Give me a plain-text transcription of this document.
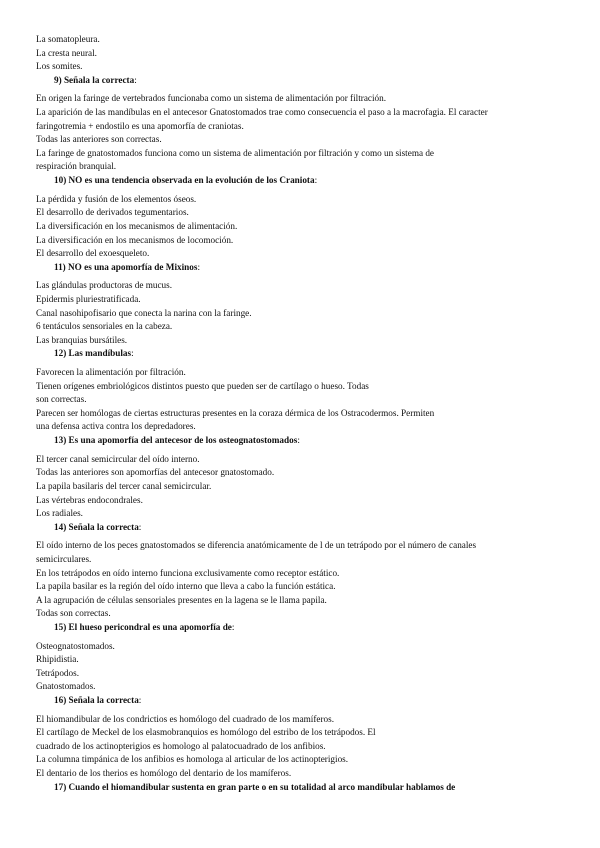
La somatopleura.
La cresta neural.
Los somites.
9) Señala la correcta:
En origen la faringe de vertebrados funcionaba como un sistema de alimentación por filtración.
La aparición de las mandíbulas en el antecesor Gnatostomados trae como consecuencia el paso a la macrofagia. El caracter
faringotremia + endostilo es una apomorfía de craniotas.
Todas las anteriores son correctas.
La faringe de gnatostomados funciona como un sistema de alimentación por filtración y como un sistema de
respiración branquial.
10) NO es una tendencia observada en la evolución de los Craniota:
La pérdida y fusión de los elementos óseos.
El desarrollo de derivados tegumentarios.
La diversificación en los mecanismos de alimentación.
La diversificación en los mecanismos de locomoción.
El desarrollo del exoesqueleto.
11) NO es una apomorfía de Mixinos:
Las glándulas productoras de mucus.
Epidermis pluriestratificada.
Canal nasohipofisario que conecta la narina con la faringe.
6 tentáculos sensoriales en la cabeza.
Las branquias bursátiles.
12) Las mandíbulas:
Favorecen la alimentación por filtración.
Tienen orígenes embriológicos distintos puesto que pueden ser de cartílago o hueso. Todas
son correctas.
Parecen ser homólogas de ciertas estructuras presentes en la coraza dérmica de los Ostracodermos. Permiten
una defensa activa contra los depredadores.
13) Es una apomorfía del antecesor de los osteognatostomados:
El tercer canal semicircular del oído interno.
Todas las anteriores son apomorfías del antecesor gnatostomado.
La papila basilaris del tercer canal semicircular.
Las vértebras endocondrales.
Los radiales.
14) Señala la correcta:
El oído interno de los peces gnatostomados se diferencia anatómicamente de l de un tetrápodo por el número de canales
semicirculares.
En los tetrápodos en oído interno funciona exclusivamente como receptor estático.
La papila basilar es la región del oído interno que lleva a cabo la función estática.
A la agrupación de células sensoriales presentes en la lagena se le llama papila.
Todas son correctas.
15) El hueso pericondral es una apomorfía de:
Osteognatostomados.
Rhipidistia.
Tetrápodos.
Gnatostomados.
16) Señala la correcta:
El hiomandibular de los condrictios es homólogo del cuadrado de los mamíferos.
El cartílago de Meckel de los elasmobranquios es homólogo del estribo de los tetrápodos. El
cuadrado de los actinopterigios es homologo al palatocuadrado de los anfibios.
La columna timpánica de los anfibios es homologa al articular de los actinopterigios.
El dentario de los therios es homólogo del dentario de los mamíferos.
17) Cuando el hiomandibular sustenta en gran parte o en su totalidad al arco mandibular hablamos de
